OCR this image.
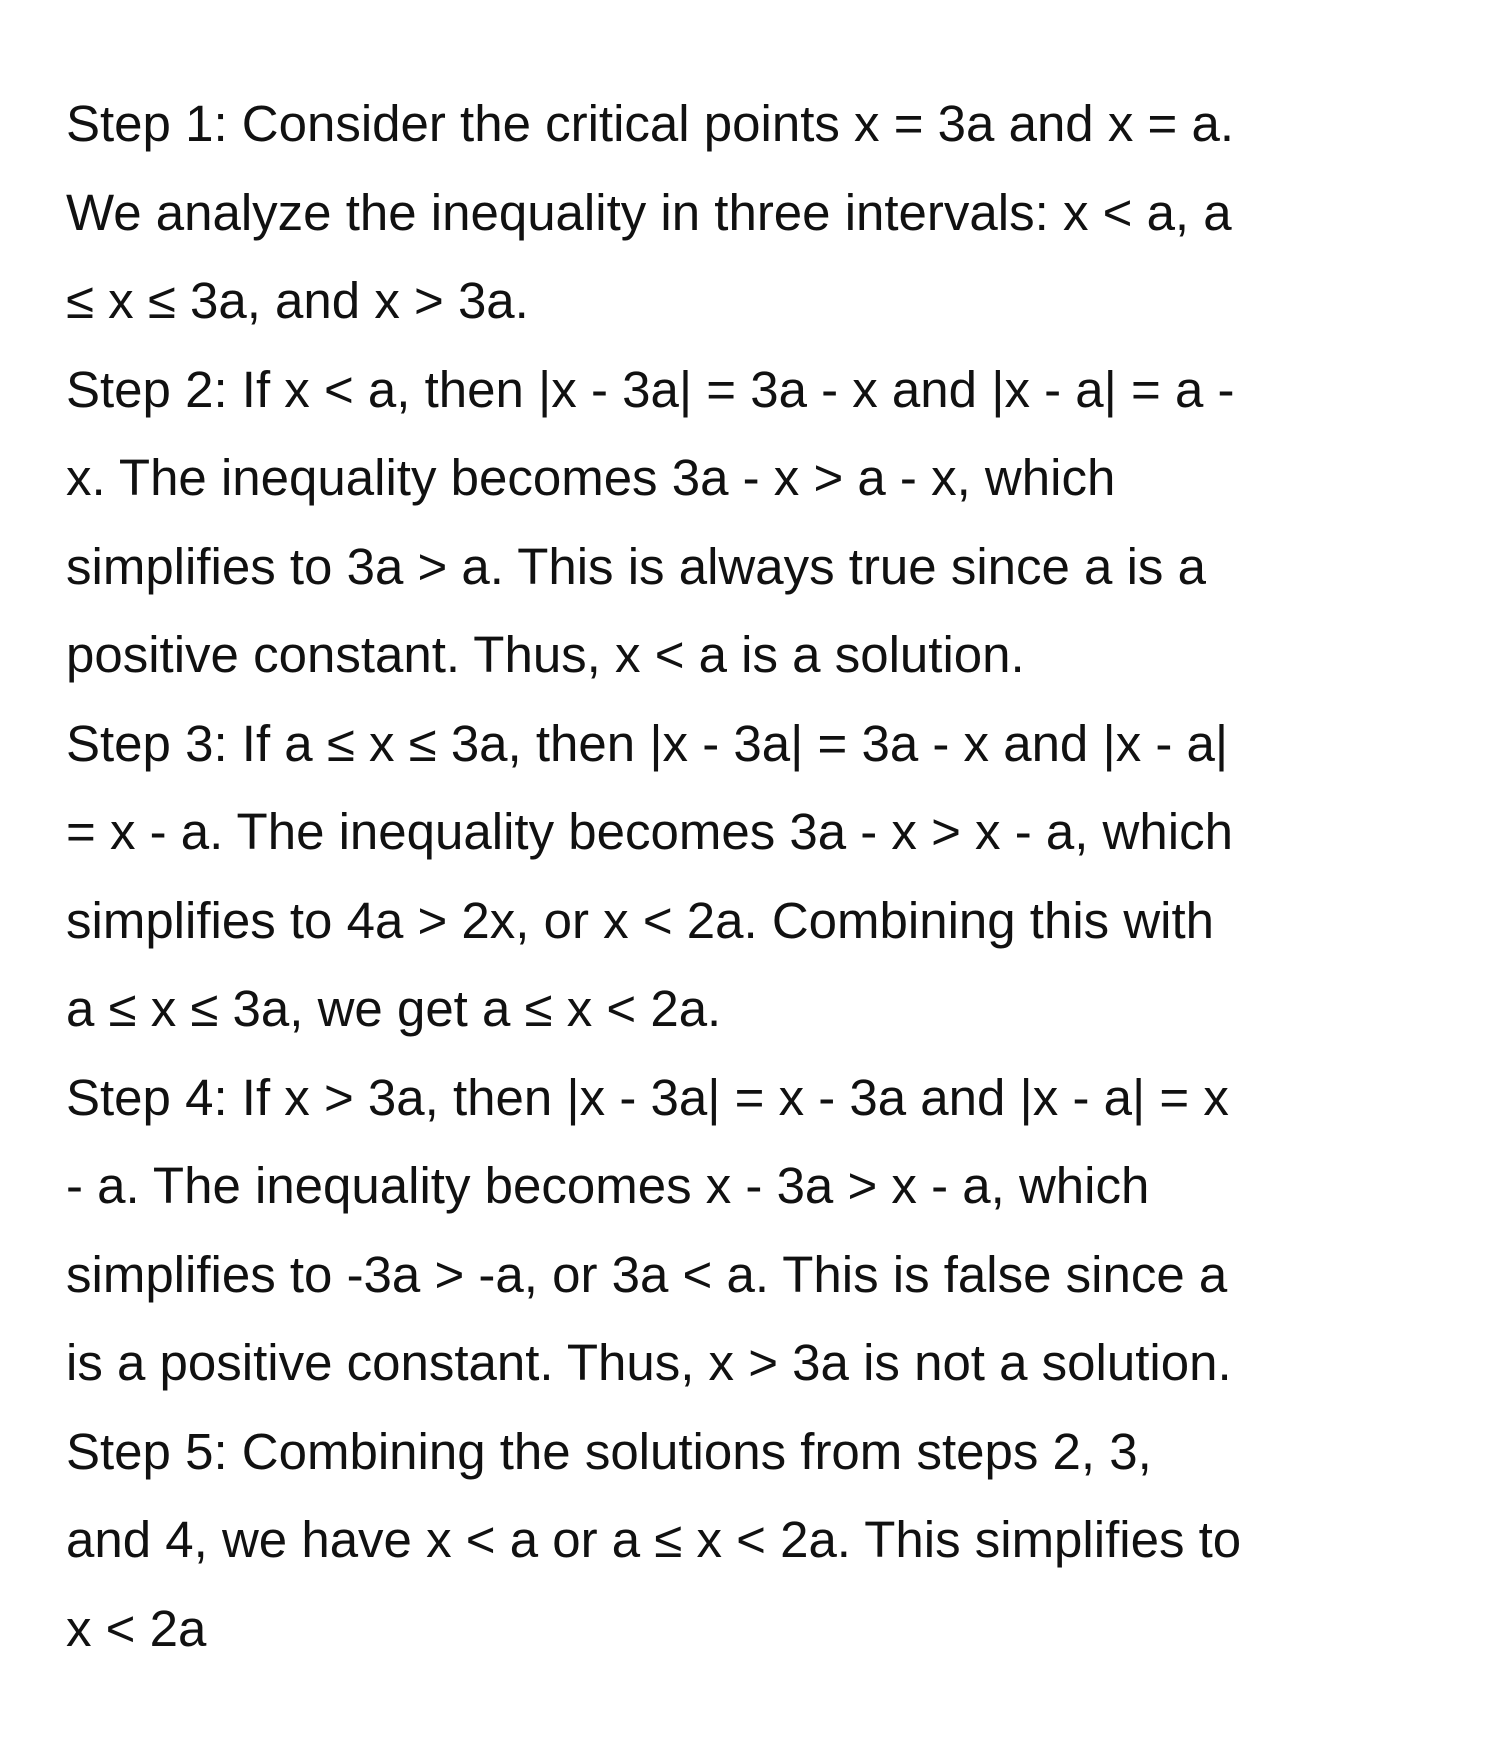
Step 1: Consider the critical points x = 3a and x = a.
We analyze the inequality in three intervals: x < a, a
≤ x ≤ 3a, and x > 3a.
Step 2: If x < a, then |x - 3a| = 3a - x and |x - a| = a -
x. The inequality becomes 3a - x > a - x, which
simplifies to 3a > a. This is always true since a is a
positive constant. Thus, x < a is a solution.
Step 3: If a ≤ x ≤ 3a, then |x - 3a| = 3a - x and |x - a|
= x - a. The inequality becomes 3a - x > x - a, which
simplifies to 4a > 2x, or x < 2a. Combining this with
a ≤ x ≤ 3a, we get a ≤ x < 2a.
Step 4: If x > 3a, then |x - 3a| = x - 3a and |x - a| = x
- a. The inequality becomes x - 3a > x - a, which
simplifies to -3a > -a, or 3a < a. This is false since a
is a positive constant. Thus, x > 3a is not a solution.
Step 5: Combining the solutions from steps 2, 3,
and 4, we have x < a or a ≤ x < 2a. This simplifies to
x < 2a
